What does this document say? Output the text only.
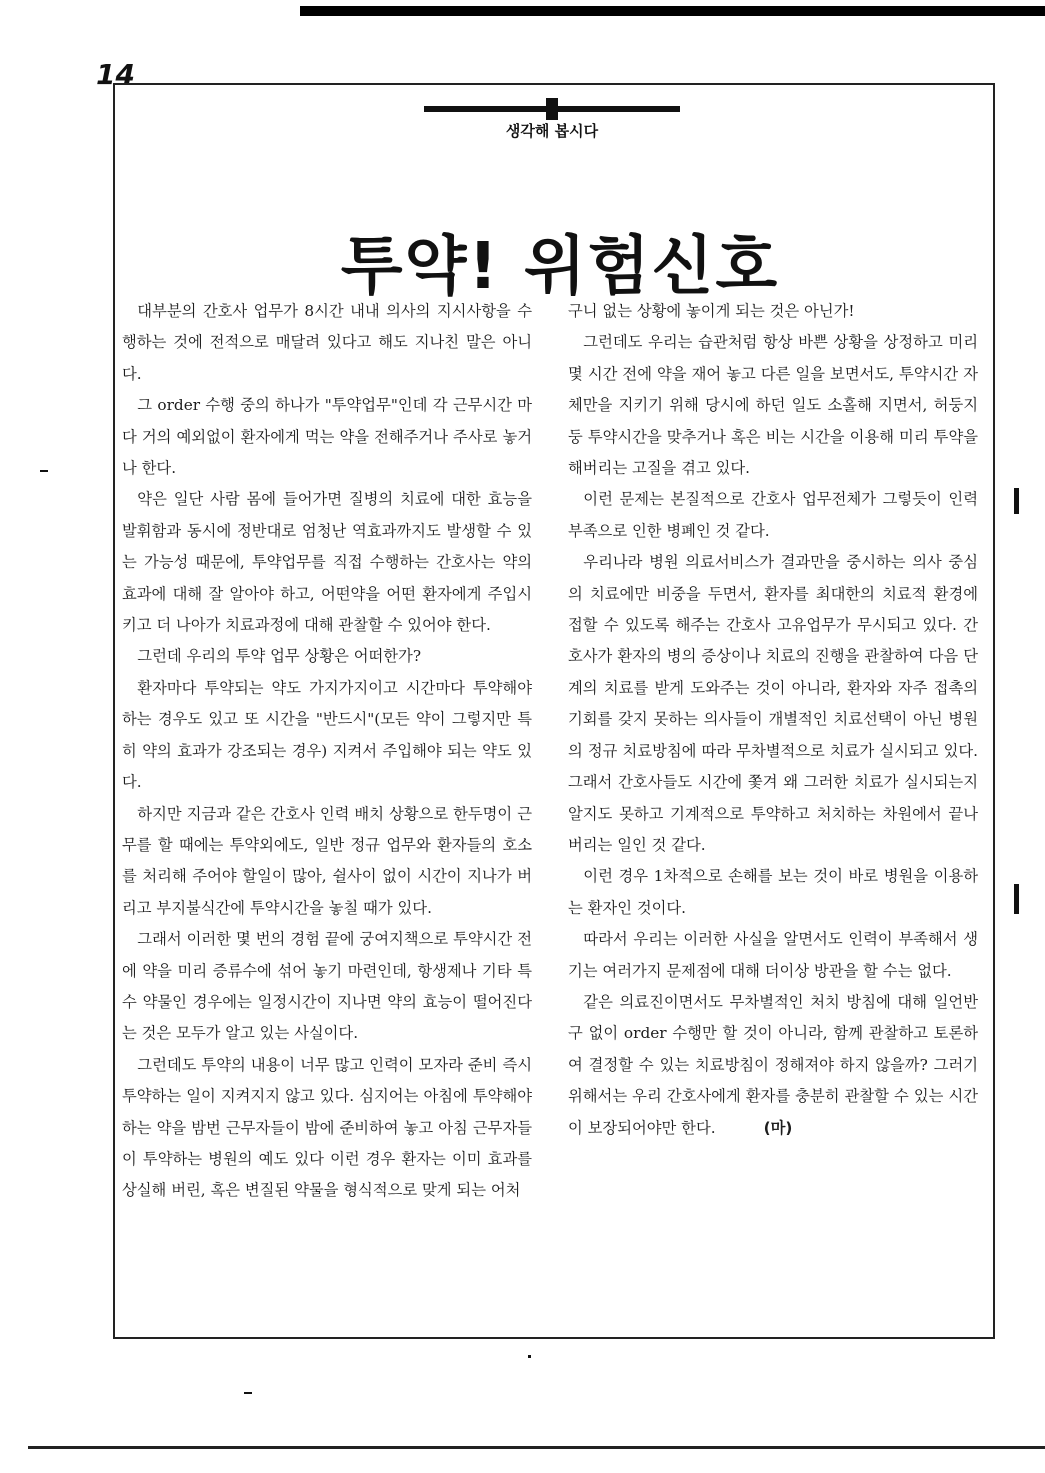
14
생각해 봅시다
투약! 위험신호

대부분의 간호사 업무가 8시간 내내 의사의 지시사항을 수행하는 것에 전적으로 매달려 있다고 해도 지나친 말은 아니다.

그 order 수행 중의 하나가 "투약업무"인데 각 근무시간 마다 거의 예외없이 환자에게 먹는 약을 전해주거나 주사로 놓거나 한다.

약은 일단 사람 몸에 들어가면 질병의 치료에 대한 효능을 발휘함과 동시에 정반대로 엄청난 역효과까지도 발생할 수 있는 가능성 때문에, 투약업무를 직접 수행하는 간호사는 약의 효과에 대해 잘 알아야 하고, 어떤약을 어떤 환자에게 주입시키고 더 나아가 치료과정에 대해 관찰할 수 있어야 한다.

그런데 우리의 투약 업무 상황은 어떠한가?

환자마다 투약되는 약도 가지가지이고 시간마다 투약해야 하는 경우도 있고 또 시간을 "반드시"(모든 약이 그렇지만 특히 약의 효과가 강조되는 경우) 지켜서 주입해야 되는 약도 있다.

하지만 지금과 같은 간호사 인력 배치 상황으로 한두명이 근무를 할 때에는 투약외에도, 일반 정규 업무와 환자들의 호소를 처리해 주어야 할일이 많아, 쉴사이 없이 시간이 지나가 버리고 부지불식간에 투약시간을 놓칠 때가 있다.

그래서 이러한 몇 번의 경험 끝에 궁여지책으로 투약시간 전에 약을 미리 증류수에 섞어 놓기 마련인데, 항생제나 기타 특수 약물인 경우에는 일정시간이 지나면 약의 효능이 떨어진다는 것은 모두가 알고 있는 사실이다.

그런데도 투약의 내용이 너무 많고 인력이 모자라 준비 즉시 투약하는 일이 지켜지지 않고 있다. 심지어는 아침에 투약해야 하는 약을 밤번 근무자들이 밤에 준비하여 놓고 아침 근무자들이 투약하는 병원의 예도 있다 이런 경우 환자는 이미 효과를 상실해 버린, 혹은 변질된 약물을 형식적으로 맞게 되는 어처

구니 없는 상황에 놓이게 되는 것은 아닌가!

그런데도 우리는 습관처럼 항상 바쁜 상황을 상정하고 미리 몇 시간 전에 약을 재어 놓고 다른 일을 보면서도, 투약시간 자체만을 지키기 위해 당시에 하던 일도 소홀해 지면서, 허둥지둥 투약시간을 맞추거나 혹은 비는 시간을 이용해 미리 투약을 해버리는 고질을 겪고 있다.

이런 문제는 본질적으로 간호사 업무전체가 그렇듯이 인력 부족으로 인한 병폐인 것 같다.

우리나라 병원 의료서비스가 결과만을 중시하는 의사 중심의 치료에만 비중을 두면서, 환자를 최대한의 치료적 환경에 접할 수 있도록 해주는 간호사 고유업무가 무시되고 있다. 간호사가 환자의 병의 증상이나 치료의 진행을 관찰하여 다음 단계의 치료를 받게 도와주는 것이 아니라, 환자와 자주 접촉의 기회를 갖지 못하는 의사들이 개별적인 치료선택이 아닌 병원의 정규 치료방침에 따라 무차별적으로 치료가 실시되고 있다. 그래서 간호사들도 시간에 쫓겨 왜 그러한 치료가 실시되는지 알지도 못하고 기계적으로 투약하고 처치하는 차원에서 끝나버리는 일인 것 같다.

이런 경우 1차적으로 손해를 보는 것이 바로 병원을 이용하는 환자인 것이다.

따라서 우리는 이러한 사실을 알면서도 인력이 부족해서 생기는 여러가지 문제점에 대해 더이상 방관을 할 수는 없다.

같은 의료진이면서도 무차별적인 처치 방침에 대해 일언반구 없이 order 수행만 할 것이 아니라, 함께 관찰하고 토론하여 결정할 수 있는 치료방침이 정해져야 하지 않을까? 그러기 위해서는 우리 간호사에게 환자를 충분히 관찰할 수 있는 시간이 보장되어야만 한다.	(마)
